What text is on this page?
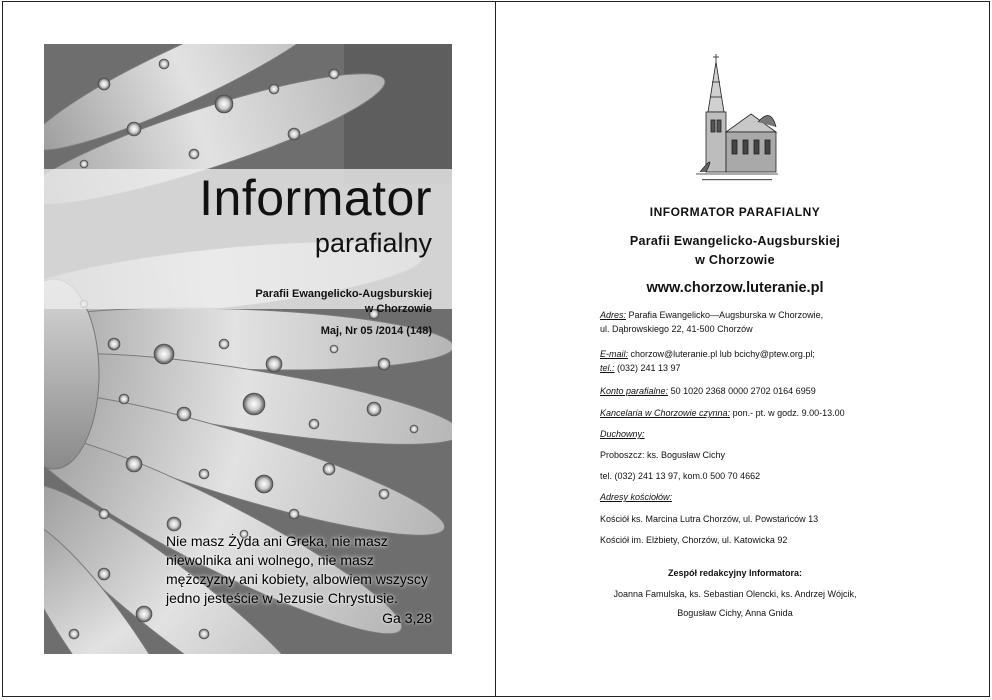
Informator
parafialny
Parafii Ewangelicko-Augsburskiej
w Chorzowie
Maj, Nr 05 /2014 (148)
Nie masz Żyda ani Greka, nie masz
niewolnika ani wolnego, nie masz
mężczyzny ani kobiety, albowiem wszyscy
jedno jesteście w Jezusie Chrystusie.
Ga 3,28
INFORMATOR PARAFIALNY
Parafii Ewangelicko-Augsburskiej
w Chorzowie
www.chorzow.luteranie.pl
Adres: Parafia Ewangelicko—Augsburska w Chorzowie,
ul. Dąbrowskiego 22, 41-500 Chorzów
E-mail: chorzow@luteranie.pl lub bcichy@ptew.org.pl;
tel.: (032) 241 13 97
Konto parafialne: 50 1020 2368 0000 2702 0164 6959
Kancelaria w Chorzowie czynna: pon.- pt. w godz. 9.00-13.00
Duchowny:
Proboszcz: ks. Bogusław Cichy
tel. (032) 241 13 97, kom.0 500 70 4662
Adresy kościołów:
Kościół ks. Marcina Lutra Chorzów, ul. Powstańców 13
Kościół im. Elżbiety, Chorzów, ul. Katowicka 92
Zespół redakcyjny Informatora:
Joanna Famulska, ks. Sebastian Olencki, ks. Andrzej Wójcik,
Bogusław Cichy, Anna Gnida
